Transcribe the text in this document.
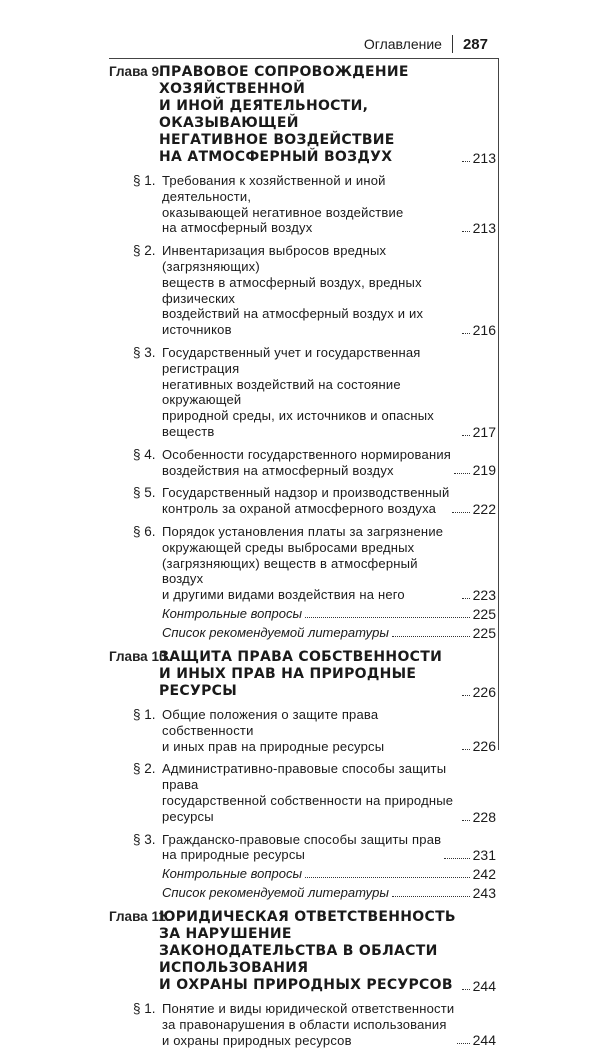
Оглавление 287
Глава 9.
ПРАВОВОЕ СОПРОВОЖДЕНИЕ ХОЗЯЙСТВЕННОЙ
И ИНОЙ ДЕЯТЕЛЬНОСТИ, ОКАЗЫВАЮЩЕЙ
НЕГАТИВНОЕ ВОЗДЕЙСТВИЕ
НА АТМОСФЕРНЫЙ ВОЗДУХ	213
§ 1. Требования к хозяйственной и иной деятельности,
оказывающей негативное воздействие
на атмосферный воздух	213
§ 2. Инвентаризация выбросов вредных (загрязняющих)
веществ в атмосферный воздух, вредных физических
воздействий на атмосферный воздух и их источников	216
§ 3. Государственный учет и государственная регистрация
негативных воздействий на состояние окружающей
природной среды, их источников и опасных веществ	217
§ 4. Особенности государственного нормирования
воздействия на атмосферный воздух	219
§ 5. Государственный надзор и производственный
контроль за охраной атмосферного воздуха	222
§ 6. Порядок установления платы за загрязнение
окружающей среды выбросами вредных
(загрязняющих) веществ в атмосферный воздух
и другими видами воздействия на него	223
Контрольные вопросы	225
Список рекомендуемой литературы	225
Глава 10.
ЗАЩИТА ПРАВА СОБСТВЕННОСТИ
И ИНЫХ ПРАВ НА ПРИРОДНЫЕ РЕСУРСЫ	226
§ 1. Общие положения о защите права собственности
и иных прав на природные ресурсы	226
§ 2. Административно-правовые способы защиты права
государственной собственности на природные ресурсы	228
§ 3. Гражданско-правовые способы защиты прав
на природные ресурсы	231
Контрольные вопросы	242
Список рекомендуемой литературы	243
Глава 11.
ЮРИДИЧЕСКАЯ ОТВЕТСТВЕННОСТЬ ЗА НАРУШЕНИЕ
ЗАКОНОДАТЕЛЬСТВА В ОБЛАСТИ ИСПОЛЬЗОВАНИЯ
И ОХРАНЫ ПРИРОДНЫХ РЕСУРСОВ	244
§ 1. Понятие и виды юридической ответственности
за правонарушения в области использования
и охраны природных ресурсов	244
